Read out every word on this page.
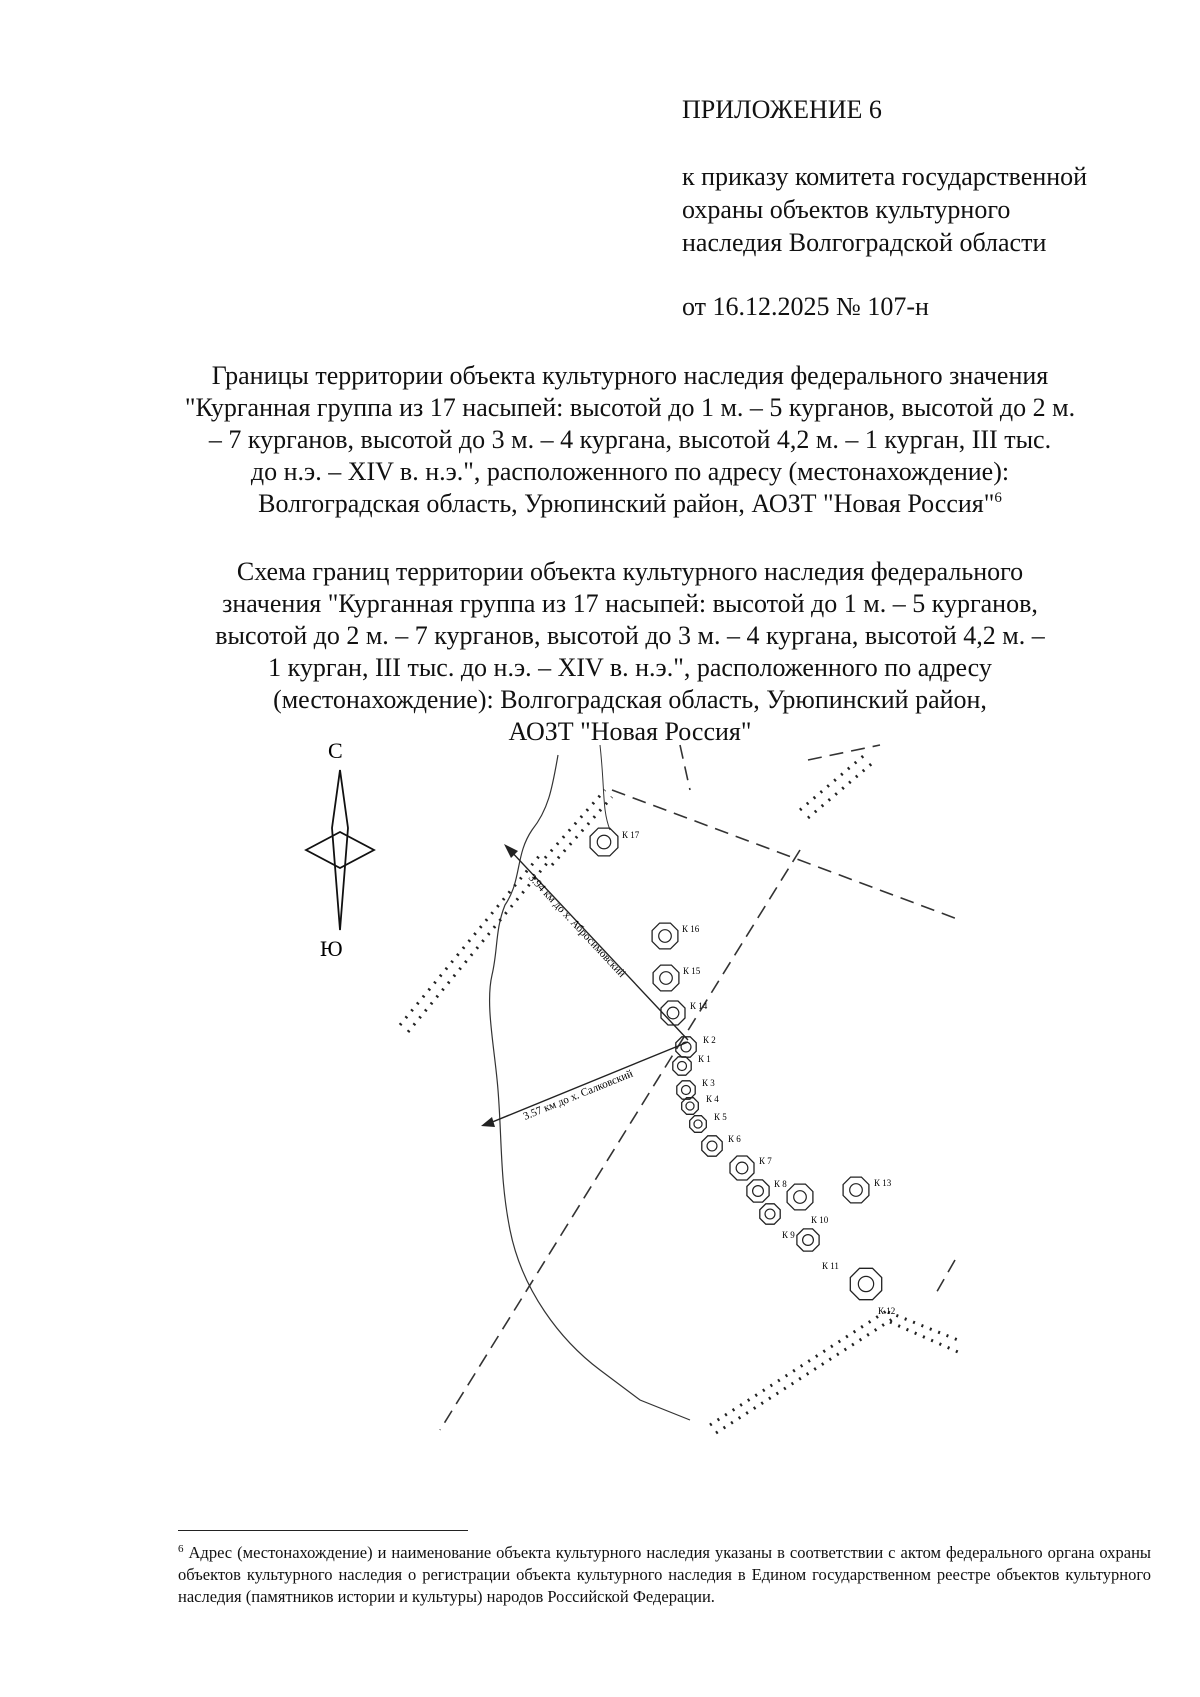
ПРИЛОЖЕНИЕ 6
к приказу комитета государственной
охраны объектов культурного
наследия Волгоградской области
от 16.12.2025 № 107-н
Границы территории объекта культурного наследия федерального значения
"Курганная группа из 17 насыпей: высотой до 1 м. – 5 курганов, высотой до 2 м.
– 7 курганов, высотой до 3 м. – 4 кургана, высотой 4,2 м. – 1 курган, III тыс.
до н.э. – XIV в. н.э.", расположенного по адресу (местонахождение):
Волгоградская область, Урюпинский район, АОЗТ "Новая Россия"$^6$
Схема границ территории объекта культурного наследия федерального
значения "Курганная группа из 17 насыпей: высотой до 1 м. – 5 курганов,
высотой до 2 м. – 7 курганов, высотой до 3 м. – 4 кургана, высотой 4,2 м. –
1 курган, III тыс. до н.э. – XIV в. н.э.", расположенного по адресу
(местонахождение): Волгоградская область, Урюпинский район,
АОЗТ "Новая Россия"
С
Ю	3.94 км до х. Абросимовский
3.57 км до х. Салковский
К 17
К 16
К 15
К 14
К 2
К 1
К 3
К 4
К 5
К 6
К 7
К 8
К 9
К 10
К 11
К 13
К 12
$^6$ Адрес (местонахождение) и наименование объекта культурного наследия указаны в соответствии с актом федерального органа охраны объектов культурного наследия о регистрации объекта культурного наследия в Едином государственном реестре объектов культурного наследия (памятников истории и культуры) народов Российской Федерации.
